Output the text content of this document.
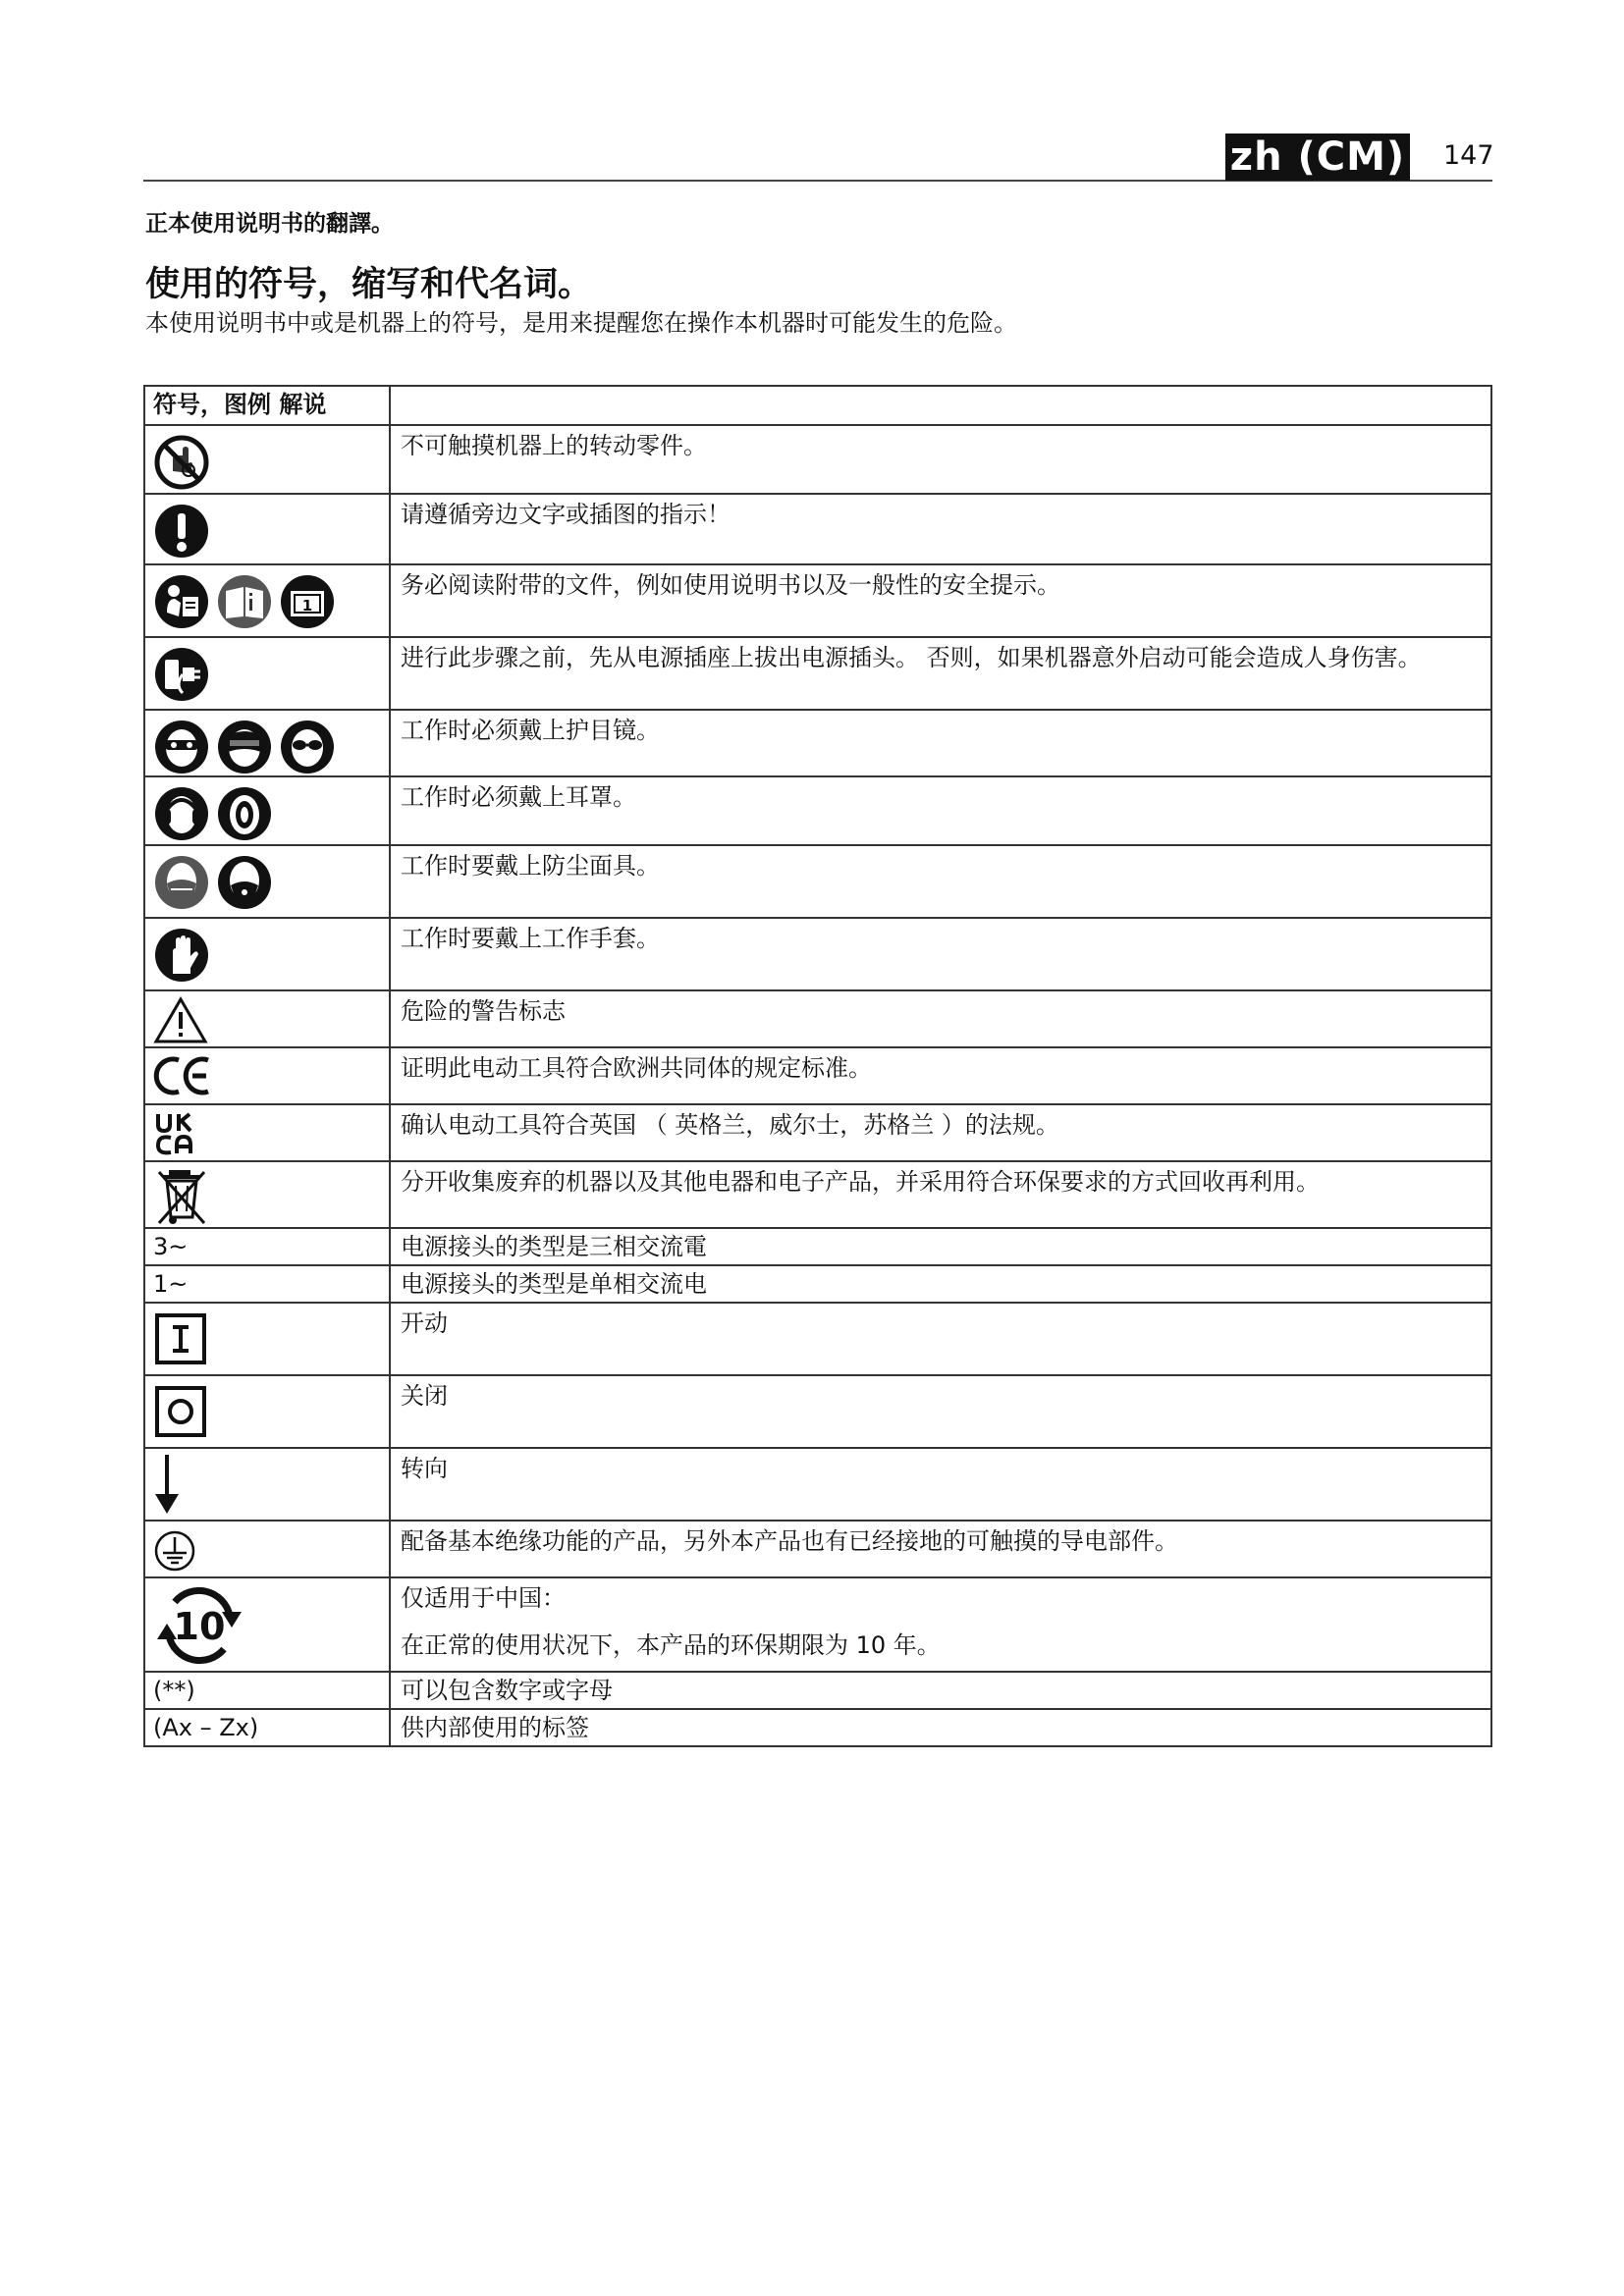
zh (CM) 147
正本使用说明书的翻譯。
使用的符号，缩写和代名词。
本使用说明书中或是机器上的符号，是用来提醒您在操作本机器时可能发生的危险。
符号，图例 解说	

	不可触摸机器上的转动零件。

	请遵循旁边文字或插图的指示！

1	务必阅读附带的文件，例如使用说明书以及一般性的安全提示。

	进行此步骤之前，先从电源插座上拔出电源插头。 否则，如果机器意外启动可能会造成人身伤害。

	工作时必须戴上护目镜。

	工作时必须戴上耳罩。

	工作时要戴上防尘面具。

	工作时要戴上工作手套。

	危险的警告标志

	证明此电动工具符合欧洲共同体的规定标准。

	确认电动工具符合英国 （ 英格兰，威尔士，苏格兰 ）的法规。

	分开收集废弃的机器以及其他电器和电子产品，并采用符合环保要求的方式回收再利用。
3~	电源接头的类型是三相交流電
1~	电源接头的类型是单相交流电

	开动

	关闭

	转向

	配备基本绝缘功能的产品，另外本产品也有已经接地的可触摸的导电部件。

10	仅适用于中国：
在正常的使用状况下，本产品的环保期限为 10 年。

(**)	可以包含数字或字母
(Ax – Zx)	供内部使用的标签
